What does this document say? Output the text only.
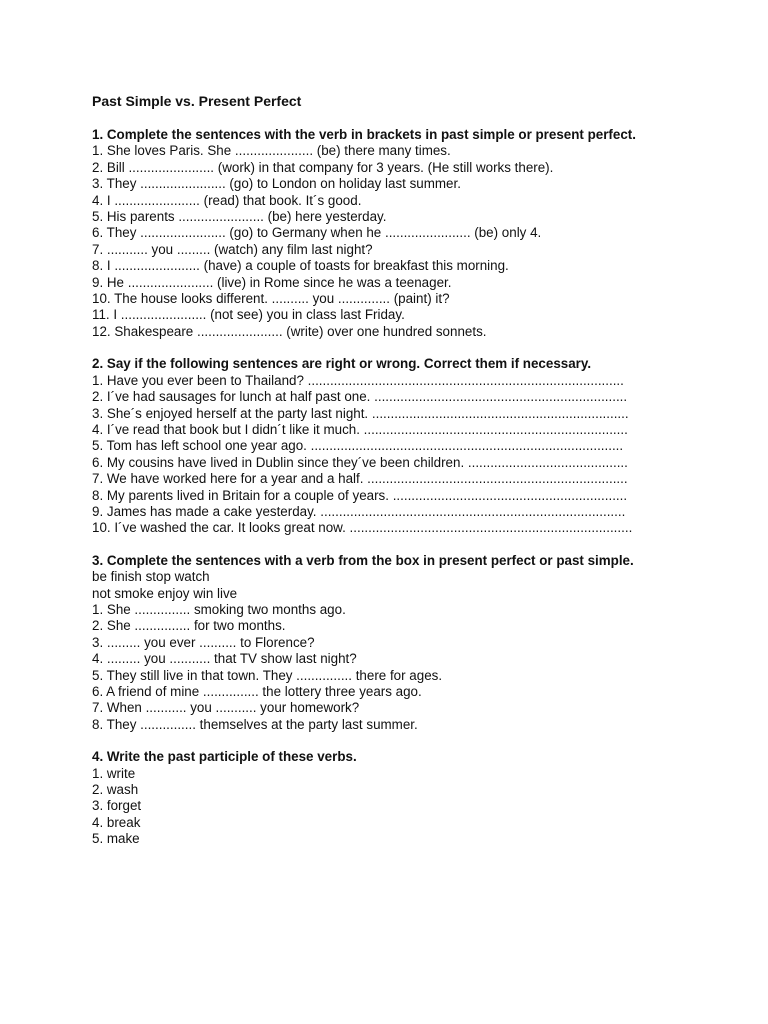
Past Simple vs. Present Perfect
1. Complete the sentences with the verb in brackets in past simple or present perfect.
1. She loves Paris. She ..................... (be) there many times.
2. Bill ....................... (work) in that company for 3 years. (He still works there).
3. They ....................... (go) to London on holiday last summer.
4. I ....................... (read) that book. It´s good.
5. His parents ....................... (be) here yesterday.
6. They ....................... (go) to Germany when he ....................... (be) only 4.
7. ........... you ......... (watch) any film last night?
8. I ....................... (have) a couple of toasts for breakfast this morning.
9. He ....................... (live) in Rome since he was a teenager.
10. The house looks different. .......... you .............. (paint) it?
11. I ....................... (not see) you in class last Friday.
12. Shakespeare ....................... (write) over one hundred sonnets.
2. Say if the following sentences are right or wrong. Correct them if necessary.
1. Have you ever been to Thailand? .....................................................................................
2. I´ve had sausages for lunch at half past one. ....................................................................
3. She´s enjoyed herself at the party last night. .....................................................................
4. I´ve read that book but I didn´t like it much. .......................................................................
5. Tom has left school one year ago. ....................................................................................
6. My cousins have lived in Dublin since they´ve been children. ...........................................
7. We have worked here for a year and a half. ......................................................................
8. My parents lived in Britain for a couple of years. ...............................................................
9. James has made a cake yesterday. ..................................................................................
10. I´ve washed the car. It looks great now. ............................................................................
3. Complete the sentences with a verb from the box in present perfect or past simple.
be finish stop watch
not smoke enjoy win live
1. She ............... smoking two months ago.
2. She ............... for two months.
3. ......... you ever .......... to Florence?
4. ......... you ........... that TV show last night?
5. They still live in that town. They ............... there for ages.
6. A friend of mine ............... the lottery three years ago.
7. When ........... you ........... your homework?
8. They ............... themselves at the party last summer.
4. Write the past participle of these verbs.
1. write
2. wash
3. forget
4. break
5. make
